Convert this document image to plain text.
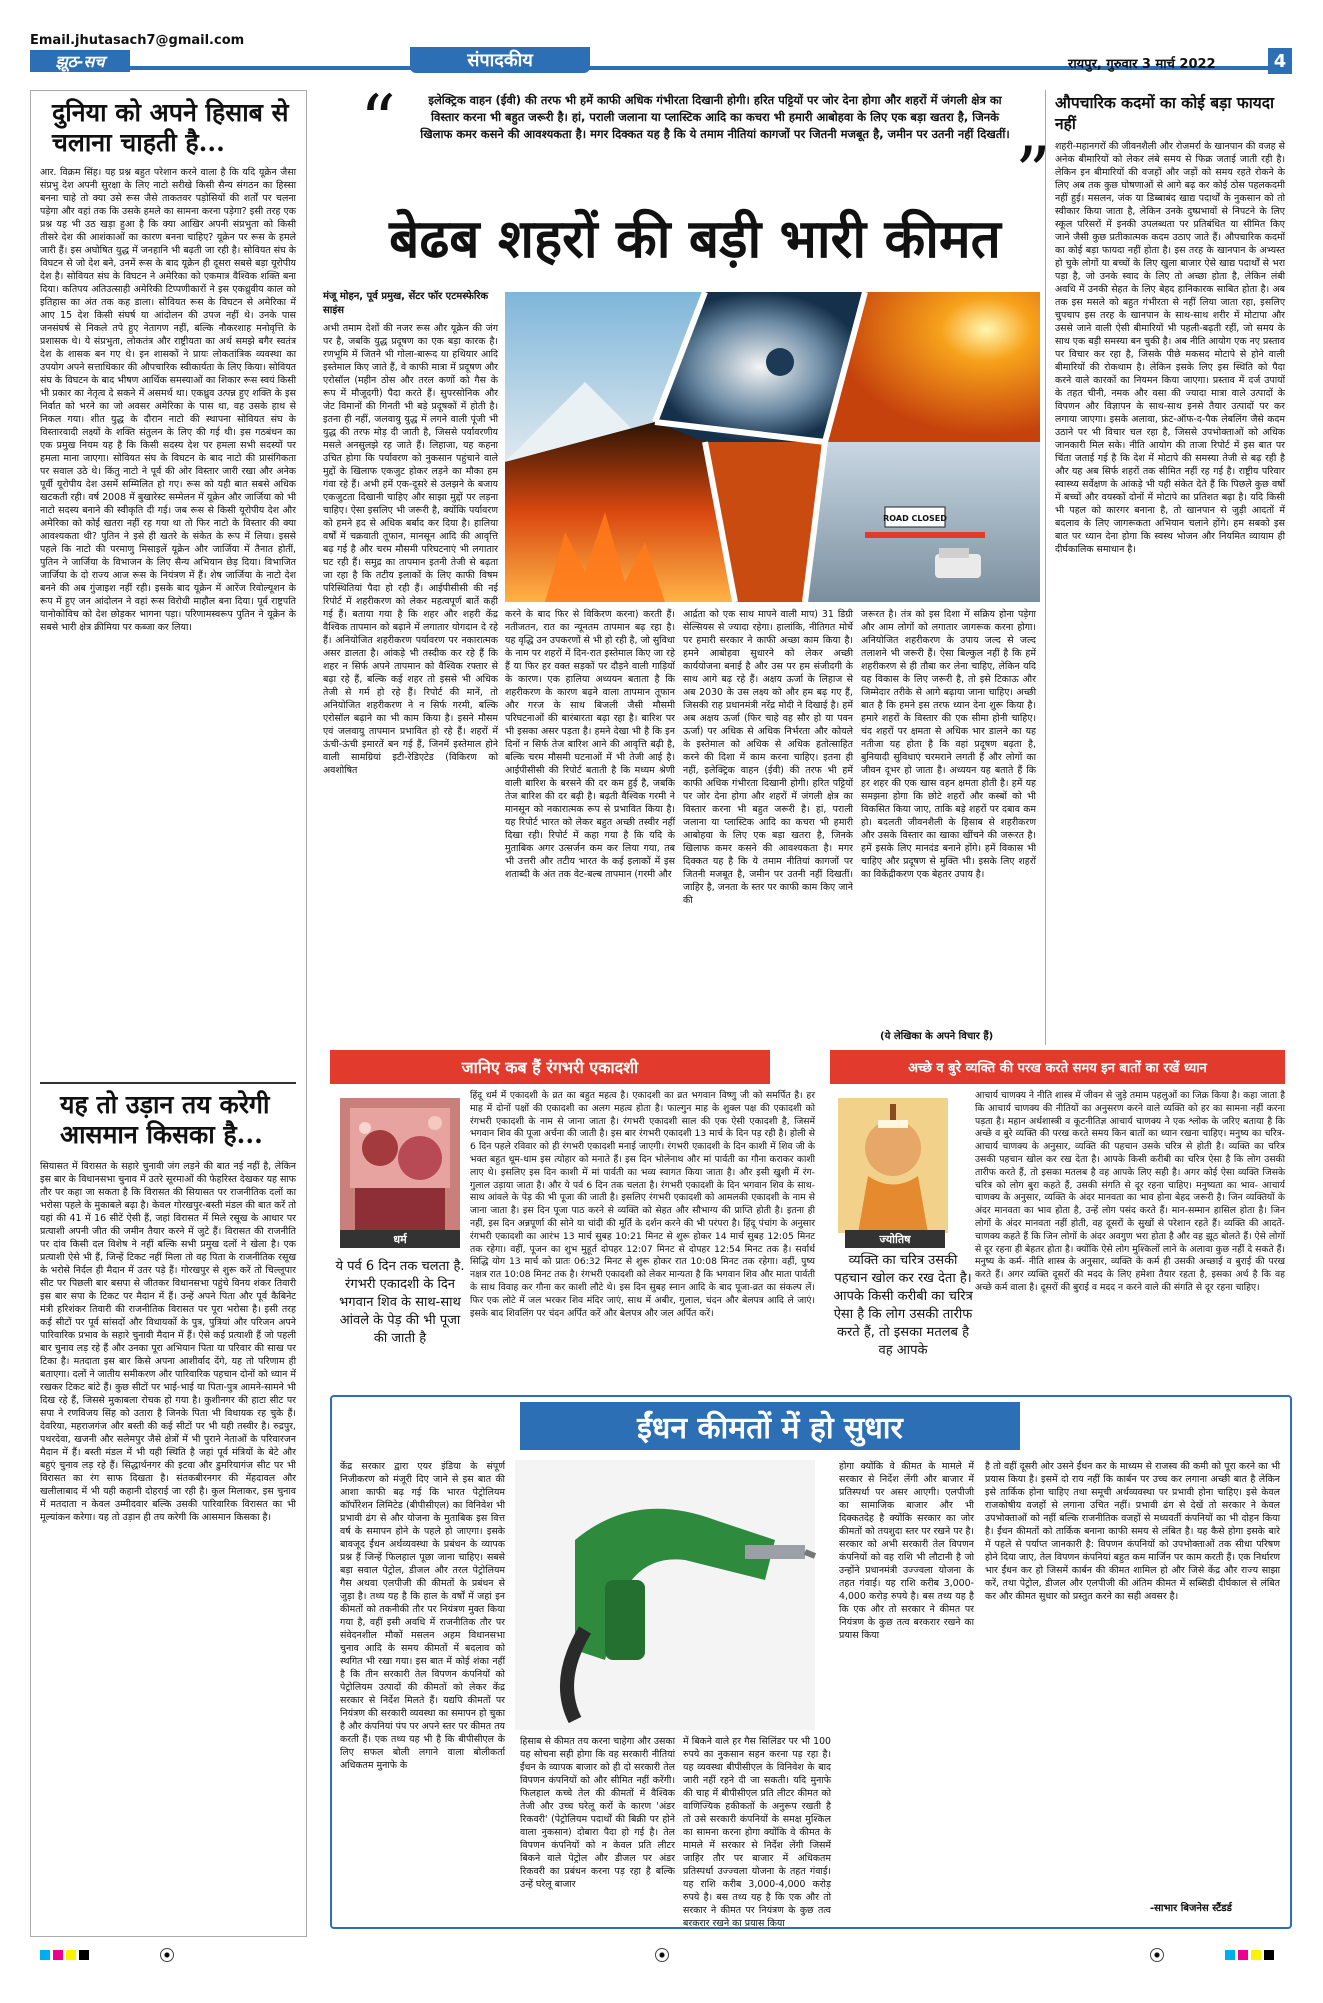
Email.jhutasach7@gmail.com
झूठ-सच	संपादकीय	रायपुर, गुरुवार 3 मार्च 2022	4
दुनिया को अपने हिसाब से चलाना चाहती है...
आर. विक्रम सिंह। यह प्रश्न बहुत परेशान करने वाला है कि यदि यूक्रेन जैसा संप्रभु देश अपनी सुरक्षा के लिए नाटो सरीखे किसी सैन्य संगठन का हिस्सा बनना चाहे तो क्या उसे रूस जैसे ताकतवर पड़ोसियों की शर्तों पर चलना पड़ेगा और वहां तक कि उसके हमले का सामना करना पड़ेगा? इसी तरह एक प्रश्न यह भी उठ खड़ा हुआ है कि क्या आखिर अपनी संप्रभुता को किसी तीसरे देश की आशंकाओं का कारण बनना चाहिए? यूक्रेन पर रूस के हमले जारी हैं। इस अघोषित युद्ध में जनहानि भी बढ़ती जा रही है। सोवियत संघ के विघटन से जो देश बने, उनमें रूस के बाद यूक्रेन ही दूसरा सबसे बड़ा यूरोपीय देश है। सोवियत संघ के विघटन ने अमेरिका को एकमात्र वैश्विक शक्ति बना दिया। कतिपय अतिउत्साही अमेरिकी टिप्पणीकारों ने इस एकध्रुवीय काल को इतिहास का अंत तक कह डाला। सोवियत रूस के विघटन से अमेरिका में आए 15 देश किसी संघर्ष या आंदोलन की उपज नहीं थे। उनके पास जनसंघर्ष से निकले तपे हुए नेतागण नहीं, बल्कि नौकरशाह मनोवृत्ति के प्रशासक थे। ये संप्रभुता, लोकतंत्र और राष्ट्रीयता का अर्थ समझे बगैर स्वतंत्र देश के शासक बन गए थे। इन शासकों ने प्रायः लोकतांत्रिक व्यवस्था का उपयोग अपने सत्ताधिकार की औपचारिक स्वीकार्यता के लिए किया। सोवियत संघ के विघटन के बाद भीषण आर्थिक समस्याओं का शिकार रूस स्वयं किसी भी प्रकार का नेतृत्व दे सकने में असमर्थ था। एकध्रुव उत्पन्न हुए शक्ति के इस निर्वात को भरने का जो अवसर अमेरिका के पास था, वह उसके हाथ से निकल गया। शीत युद्ध के दौरान नाटो की स्थापना सोवियत संघ के विस्तारवादी लक्ष्यों के शक्ति संतुलन के लिए की गई थी। इस गठबंधन का एक प्रमुख नियम यह है कि किसी सदस्य देश पर हमला सभी सदस्यों पर हमला माना जाएगा। सोवियत संघ के विघटन के बाद नाटो की प्रासंगिकता पर सवाल उठे थे। किंतु नाटो ने पूर्व की ओर विस्तार जारी रखा और अनेक पूर्वी यूरोपीय देश उसमें सम्मिलित हो गए। रूस को यही बात सबसे अधिक खटकती रही। वर्ष 2008 में बुखारेस्ट सम्मेलन में यूक्रेन और जार्जिया को भी नाटो सदस्य बनाने की स्वीकृति दी गई। जब रूस से किसी यूरोपीय देश और अमेरिका को कोई खतरा नहीं रह गया था तो फिर नाटो के विस्तार की क्या आवश्यकता थी? पुतिन ने इसे ही खतरे के संकेत के रूप में लिया। इससे पहले कि नाटो की परमाणु मिसाइलें यूक्रेन और जार्जिया में तैनात होतीं, पुतिन ने जार्जिया के विभाजन के लिए सैन्य अभियान छेड़ दिया। विभाजित जार्जिया के दो राज्य आज रूस के नियंत्रण में हैं। शेष जार्जिया के नाटो देश बनने की अब गुंजाइश नहीं रही। इसके बाद यूक्रेन में आरेंज रिवोल्यूशन के रूप में हुए जन आंदोलन ने वहां रूस विरोधी माहौल बना दिया। पूर्व राष्ट्रपति यानोकोविच को देश छोड़कर भागना पड़ा। परिणामस्वरूप पुतिन ने यूक्रेन के सबसे भारी क्षेत्र क्रीमिया पर कब्जा कर लिया।
यह तो उड़ान तय करेगी आसमान किसका है...
सियासत में विरासत के सहारे चुनावी जंग लड़ने की बात नई नहीं है, लेकिन इस बार के विधानसभा चुनाव में उतरे सूरमाओं की फेहरिस्त देखकर यह साफ तौर पर कहा जा सकता है कि विरासत की सियासत पर राजनीतिक दलों का भरोसा पहले के मुकाबले बढ़ा है। केवल गोरखपुर-बस्ती मंडल की बात करें तो यहां की 41 में 16 सीटें ऐसी हैं, जहां विरासत में मिले रसूख के आधार पर प्रत्याशी अपनी जीत की जमीन तैयार करने में जुटे हैं। विरासत की राजनीति पर दांव किसी दल विशेष ने नहीं बल्कि सभी प्रमुख दलों ने खेला है। एक प्रत्याशी ऐसे भी हैं, जिन्हें टिकट नहीं मिला तो वह पिता के राजनीतिक रसूख के भरोसे निर्दल ही मैदान में उतर पड़े हैं। गोरखपुर से शुरू करें तो चिल्लूपार सीट पर पिछली बार बसपा से जीतकर विधानसभा पहुंचे विनय शंकर तिवारी इस बार सपा के टिकट पर मैदान में हैं। उन्हें अपने पिता और पूर्व कैबिनेट मंत्री हरिशंकर तिवारी की राजनीतिक विरासत पर पूरा भरोसा है। इसी तरह कई सीटों पर पूर्व सांसदों और विधायकों के पुत्र, पुत्रियां और परिजन अपने पारिवारिक प्रभाव के सहारे चुनावी मैदान में हैं। ऐसे कई प्रत्याशी हैं जो पहली बार चुनाव लड़ रहे हैं और उनका पूरा अभियान पिता या परिवार की साख पर टिका है। मतदाता इस बार किसे अपना आशीर्वाद देंगे, यह तो परिणाम ही बताएगा। दलों ने जातीय समीकरण और पारिवारिक पहचान दोनों को ध्यान में रखकर टिकट बांटे हैं। कुछ सीटों पर भाई-भाई या पिता-पुत्र आमने-सामने भी दिख रहे हैं, जिससे मुकाबला रोचक हो गया है। कुशीनगर की हाटा सीट पर सपा ने रणविजय सिंह को उतारा है जिनके पिता भी विधायक रह चुके हैं। देवरिया, महराजगंज और बस्ती की कई सीटों पर भी यही तस्वीर है। रुद्रपुर, पथरदेवा, खजनी और सलेमपुर जैसे क्षेत्रों में भी पुराने नेताओं के परिवारजन मैदान में हैं। बस्ती मंडल में भी यही स्थिति है जहां पूर्व मंत्रियों के बेटे और बहुएं चुनाव लड़ रहे हैं। सिद्धार्थनगर की इटवा और डुमरियागंज सीट पर भी विरासत का रंग साफ दिखता है। संतकबीरनगर की मेंहदावल और खलीलाबाद में भी यही कहानी दोहराई जा रही है। कुल मिलाकर, इस चुनाव में मतदाता न केवल उम्मीदवार बल्कि उसकी पारिवारिक विरासत का भी मूल्यांकन करेगा। यह तो उड़ान ही तय करेगी कि आसमान किसका है।
“	इलेक्ट्रिक वाहन (ईवी) की तरफ भी हमें काफी अधिक गंभीरता दिखानी होगी। हरित पट्टियों पर जोर देना होगा और शहरों में जंगली क्षेत्र का विस्तार करना भी बहुत जरूरी है। हां, पराली जलाना या प्लास्टिक आदि का कचरा भी हमारी आबोहवा के लिए एक बड़ा खतरा है, जिनके खिलाफ कमर कसने की आवश्यकता है। मगर दिक्कत यह है कि ये तमाम नीतियां कागजों पर जितनी मजबूत है, जमीन पर उतनी नहीं दिखतीं। ”
बेढब शहरों की बड़ी भारी कीमत
मंजू मोहन, पूर्व प्रमुख, सेंटर फॉर एटमस्फेरिक साइंस
अभी तमाम देशों की नजर रूस और यूक्रेन की जंग पर है, जबकि युद्ध प्रदूषण का एक बड़ा कारक है। रणभूमि में जितने भी गोला-बारूद या हथियार आदि इस्तेमाल किए जाते हैं, वे काफी मात्रा में प्रदूषण और एरोसॉल (महीन ठोस और तरल कणों को गैस के रूप में मौजूदगी) पैदा करते हैं। सुपरसोनिक और जेट विमानों की गिनती भी बड़े प्रदूषकों में होती है। इतना ही नहीं, जलवायु युद्ध में लगने वाली पूंजी भी युद्ध की तरफ मोड़ दी जाती है, जिससे पर्यावरणीय मसले अनसुलझे रह जाते हैं। लिहाजा, यह कहना उचित होगा कि पर्यावरण को नुकसान पहुंचाने वाले मुद्दों के खिलाफ एकजुट होकर लड़ने का मौका हम गंवा रहे हैं। अभी हमें एक-दूसरे से उलझने के बजाय एकजुटता दिखानी चाहिए और साझा मुद्दों पर लड़ना चाहिए। ऐसा इसलिए भी जरूरी है, क्योंकि पर्यावरण को हमने हद से अधिक बर्बाद कर दिया है। हालिया वर्षों में चक्रवाती तूफान, मानसून आदि की आवृत्ति बढ़ गई है और चरम मौसमी परिघटनाएं भी लगातार घट रही हैं। समुद्र का तापमान इतनी तेजी से बढ़ता जा रहा है कि तटीय इलाकों के लिए काफी विषम परिस्थितियां पैदा हो रही हैं। आईपीसीसी की नई रिपोर्ट में शहरीकरण को लेकर महत्वपूर्ण बातें कही गई हैं। बताया गया है कि शहर और शहरी केंद्र वैश्विक तापमान को बढ़ाने में लगातार योगदान दे रहे हैं। अनियोजित शहरीकरण पर्यावरण पर नकारात्मक असर डालता है। आंकड़े भी तस्दीक कर रहे हैं कि शहर न सिर्फ अपने तापमान को वैश्विक रफ्तार से बढ़ा रहे हैं, बल्कि कई शहर तो इससे भी अधिक तेजी से गर्म हो रहे हैं। रिपोर्ट की मानें, तो अनियोजित शहरीकरण ने न सिर्फ गरमी, बल्कि एरोसॉल बढ़ाने का भी काम किया है। इसने मौसम एवं जलवायु तापमान प्रभावित हो रहे हैं। शहरों में ऊंची-ऊंची इमारतें बन गई हैं, जिनमें इस्तेमाल होने वाली सामग्रियां इटी-रेडिएटेड (विकिरण को अवशोषित
ROAD CLOSED
करने के बाद फिर से विकिरण करना) करती हैं। नतीजतन, रात का न्यूनतम तापमान बढ़ रहा है। यह वृद्धि उन उपकरणों से भी हो रही है, जो सुविधा के नाम पर शहरों में दिन-रात इस्तेमाल किए जा रहे हैं या फिर हर वक्त सड़कों पर दौड़ने वाली गाड़ियों के कारण। एक हालिया अध्ययन बताता है कि शहरीकरण के कारण बढ़ने वाला तापमान तूफान और गरज के साथ बिजली जैसी मौसमी परिघटनाओं की बारंबारता बढ़ा रहा है। बारिश पर भी इसका असर पड़ता है। हमने देखा भी है कि इन दिनों न सिर्फ तेज बारिश आने की आवृत्ति बढ़ी है, बल्कि चरम मौसमी घटनाओं में भी तेजी आई है। आईपीसीसी की रिपोर्ट बताती है कि मध्यम श्रेणी वाली बारिश के बरसने की दर कम हुई है, जबकि तेज बारिश की दर बढ़ी है। बढ़ती वैश्विक गरमी ने मानसून को नकारात्मक रूप से प्रभावित किया है। यह रिपोर्ट भारत को लेकर बहुत अच्छी तस्वीर नहीं दिखा रही। रिपोर्ट में कहा गया है कि यदि के मुताबिक अगर उत्सर्जन कम कर लिया गया, तब भी उत्तरी और तटीय भारत के कई इलाकों में इस शताब्दी के अंत तक वेट-बल्ब तापमान (गरमी और
आर्द्रता को एक साथ मापने वाली माप) 31 डिग्री सेल्सियस से ज्यादा रहेगा। हालांकि, नीतिगत मोर्चे पर हमारी सरकार ने काफी अच्छा काम किया है। हमने आबोहवा सुधारने को लेकर अच्छी कार्ययोजना बनाई है और उस पर हम संजीदगी के साथ आगे बढ़ रहे हैं। अक्षय ऊर्जा के लिहाज से अब 2030 के उस लक्ष्य को और हम बढ़ गए हैं, जिसकी राह प्रधानमंत्री नरेंद्र मोदी ने दिखाई है। हमें अब अक्षय ऊर्जा (फिर चाहे वह सौर हो या पवन ऊर्जा) पर अधिक से अधिक निर्भरता और कोयले के इस्तेमाल को अधिक से अधिक हतोत्साहित करने की दिशा में काम करना चाहिए। इतना ही नहीं, इलेक्ट्रिक वाहन (ईवी) की तरफ भी हमें काफी अधिक गंभीरता दिखानी होगी। हरित पट्टियों पर जोर देना होगा और शहरों में जंगली क्षेत्र का विस्तार करना भी बहुत जरूरी है। हां, पराली जलाना या प्लास्टिक आदि का कचरा भी हमारी आबोहवा के लिए एक बड़ा खतरा है, जिनके खिलाफ कमर कसने की आवश्यकता है। मगर दिक्कत यह है कि ये तमाम नीतियां कागजों पर जितनी मजबूत है, जमीन पर उतनी नहीं दिखतीं। जाहिर है, जनता के स्तर पर काफी काम किए जाने की
जरूरत है। तंत्र को इस दिशा में सक्रिय होना पड़ेगा और आम लोगों को लगातार जागरूक करना होगा। अनियोजित शहरीकरण के उपाय जल्द से जल्द तलाशने भी जरूरी हैं। ऐसा बिल्कुल नहीं है कि हमें शहरीकरण से ही तौबा कर लेना चाहिए, लेकिन यदि यह विकास के लिए जरूरी है, तो इसे टिकाऊ और जिम्मेदार तरीके से आगे बढ़ाया जाना चाहिए। अच्छी बात है कि हमने इस तरफ ध्यान देना शुरू किया है। हमारे शहरों के विस्तार की एक सीमा होनी चाहिए। चंद शहरों पर क्षमता से अधिक भार डालने का यह नतीजा यह होता है कि वहां प्रदूषण बढ़ता है, बुनियादी सुविधाएं चरमराने लगती हैं और लोगों का जीवन दूभर हो जाता है। अध्ययन यह बताते हैं कि हर शहर की एक खास वहन क्षमता होती है। हमें यह समझना होगा कि छोटे शहरों और कस्बों को भी विकसित किया जाए, ताकि बड़े शहरों पर दबाव कम हो। बदलती जीवनशैली के हिसाब से शहरीकरण और उसके विस्तार का खाका खींचने की जरूरत है। हमें इसके लिए मानदंड बनाने होंगे। हमें विकास भी चाहिए और प्रदूषण से मुक्ति भी। इसके लिए शहरों का विकेंद्रीकरण एक बेहतर उपाय है।
(ये लेखिका के अपने विचार हैं)
औपचारिक कदमों का कोई बड़ा फायदा नहीं
शहरी-महानगरों की जीवनशैली और रोजमर्रा के खानपान की वजह से अनेक बीमारियों को लेकर लंबे समय से फिक्र जताई जाती रही है। लेकिन इन बीमारियों की वजहों और जड़ों को समय रहते रोकने के लिए अब तक कुछ घोषणाओं से आगे बढ़ कर कोई ठोस पहलकदमी नहीं हुई। मसलन, जंक या डिब्बाबंद खाद्य पदार्थों के नुकसान को तो स्वीकार किया जाता है, लेकिन उनके दुष्प्रभावों से निपटने के लिए स्कूल परिसरों में इनकी उपलब्धता पर प्रतिबंधित या सीमित किए जाने जैसी कुछ प्रतीकात्मक कदम उठाए जाते हैं। औपचारिक कदमों का कोई बड़ा फायदा नहीं होता है। इस तरह के खानपान के अभ्यस्त हो चुके लोगों या बच्चों के लिए खुला बाजार ऐसे खाद्य पदार्थों से भरा पड़ा है, जो उनके स्वाद के लिए तो अच्छा होता है, लेकिन लंबी अवधि में उनकी सेहत के लिए बेहद हानिकारक साबित होता है। अब तक इस मसले को बहुत गंभीरता से नहीं लिया जाता रहा, इसलिए चुपचाप इस तरह के खानपान के साथ-साथ शरीर में मोटापा और उससे जाने वाली ऐसी बीमारियों भी पहली-बढ़ती रहीं, जो समय के साथ एक बड़ी समस्या बन चुकी है। अब नीति आयोग एक नए प्रस्ताव पर विचार कर रहा है, जिसके पीछे मकसद मोटापे से होने वाली बीमारियों की रोकथाम है। लेकिन इसके लिए इस स्थिति को पैदा करने वाले कारकों का नियमन किया जाएगा। प्रस्ताव में दर्ज उपायों के तहत चीनी, नमक और वसा की ज्यादा मात्रा वाले उत्पादों के विपणन और विज्ञापन के साथ-साथ इनसे तैयार उत्पादों पर कर लगाया जाएगा। इसके अलावा, फ्रंट-ऑफ-द-पैक लेबलिंग जैसे कदम उठाने पर भी विचार चल रहा है, जिससे उपभोक्ताओं को अधिक जानकारी मिल सके। नीति आयोग की ताजा रिपोर्ट में इस बात पर चिंता जताई गई है कि देश में मोटापे की समस्या तेजी से बढ़ रही है और यह अब सिर्फ शहरों तक सीमित नहीं रह गई है। राष्ट्रीय परिवार स्वास्थ्य सर्वेक्षण के आंकड़े भी यही संकेत देते हैं कि पिछले कुछ वर्षों में बच्चों और वयस्कों दोनों में मोटापे का प्रतिशत बढ़ा है। यदि किसी भी पहल को कारगर बनाना है, तो खानपान से जुड़ी आदतों में बदलाव के लिए जागरूकता अभियान चलाने होंगे। हम सबको इस बात पर ध्यान देना होगा कि स्वस्थ भोजन और नियमित व्यायाम ही दीर्घकालिक समाधान है।
जानिए कब हैं रंगभरी एकादशी
धर्म
ये पर्व 6 दिन तक चलता है. रंगभरी एकादशी के दिन भगवान शिव के साथ-साथ आंवले के पेड़ की भी पूजा की जाती है
हिंदू धर्म में एकादशी के व्रत का बहुत महत्व है। एकादशी का व्रत भगवान विष्णु जी को समर्पित है। हर माह में दोनों पक्षों की एकादशी का अलग महत्व होता है। फाल्गुन माह के शुक्ल पक्ष की एकादशी को रंगभरी एकादशी के नाम से जाना जाता है। रंगभरी एकादशी साल की एक ऐसी एकादशी है, जिसमें भगवान शिव की पूजा अर्चना की जाती है। इस बार रंगभरी एकादशी 13 मार्च के दिन पड़ रही है। होली से 6 दिन पहले रविवार को ही रंगभरी एकादशी मनाई जाएगी। रंगभरी एकादशी के दिन काशी में शिव जी के भक्त बहुत धूम-धाम इस त्योहार को मनाते हैं। इस दिन भोलेनाथ और मां पार्वती का गौना कराकर काशी लाए थे। इसलिए इस दिन काशी में मां पार्वती का भव्य स्वागत किया जाता है। और इसी खुशी में रंग-गुलाल उड़ाया जाता है। और ये पर्व 6 दिन तक चलता है। रंगभरी एकादशी के दिन भगवान शिव के साथ-साथ आंवले के पेड़ की भी पूजा की जाती है। इसलिए रंगभरी एकादशी को आमलकी एकादशी के नाम से जाना जाता है। इस दिन पूजा पाठ करने से व्यक्ति को सेहत और सौभाग्य की प्राप्ति होती है। इतना ही नहीं, इस दिन अन्नपूर्णा की सोने या चांदी की मूर्ति के दर्शन करने की भी परंपरा है। हिंदू पंचांग के अनुसार रंगभरी एकादशी का आरंभ 13 मार्च सुबह 10:21 मिनट से शुरू होकर 14 मार्च सुबह 12:05 मिनट तक रहेगा। वहीं, पूजन का शुभ मुहूर्त दोपहर 12:07 मिनट से दोपहर 12:54 मिनट तक है। सर्वार्थ सिद्धि योग 13 मार्च को प्रातः 06:32 मिनट से शुरू होकर रात 10:08 मिनट तक रहेगा। वहीं, पुष्य नक्षत्र रात 10:08 मिनट तक है। रंगभरी एकादशी को लेकर मान्यता है कि भगवान शिव और माता पार्वती के साथ विवाह कर गौना कर काशी लौटे थे। इस दिन सुबह स्नान आदि के बाद पूजा-व्रत का संकल्प लें। फिर एक लोटे में जल भरकर शिव मंदिर जाएं, साथ में अबीर, गुलाल, चंदन और बेलपत्र आदि ले जाएं। इसके बाद शिवलिंग पर चंदन अर्पित करें और बेलपत्र और जल अर्पित करें।
अच्छे व बुरे व्यक्ति की परख करते समय इन बातों का रखें ध्यान
ज्योतिष
व्यक्ति का चरित्र उसकी पहचान खोल कर रख देता है। आपके किसी करीबी का चरित्र ऐसा है कि लोग उसकी तारीफ करते हैं, तो इसका मतलब है वह आपके
आचार्य चाणक्य ने नीति शास्त्र में जीवन से जुड़े तमाम पहलुओं का जिक्र किया है। कहा जाता है कि आचार्य चाणक्य की नीतियों का अनुसरण करने वाले व्यक्ति को हर का सामना नहीं करना पड़ता है। महान अर्थशास्त्री व कूटनीतिज्ञ आचार्य चाणक्य ने एक श्लोक के जरिए बताया है कि अच्छे व बुरे व्यक्ति की परख करते समय किन बातों का ध्यान रखना चाहिए। मनुष्य का चरित्र- आचार्य चाणक्य के अनुसार, व्यक्ति की पहचान उसके चरित्र से होती है। व्यक्ति का चरित्र उसकी पहचान खोल कर रख देता है। आपके किसी करीबी का चरित्र ऐसा है कि लोग उसकी तारीफ करते हैं, तो इसका मतलब है वह आपके लिए सही है। अगर कोई ऐसा व्यक्ति जिसके चरित्र को लोग बुरा कहते हैं, उसकी संगति से दूर रहना चाहिए। मनुष्यता का भाव- आचार्य चाणक्य के अनुसार, व्यक्ति के अंदर मानवता का भाव होना बेहद जरूरी है। जिन व्यक्तियों के अंदर मानवता का भाव होता है, उन्हें लोग पसंद करते हैं। मान-सम्मान हासिल होता है। जिन लोगों के अंदर मानवता नहीं होती, वह दूसरों के सुखों से परेशान रहते हैं। व्यक्ति की आदतें- चाणक्य कहते हैं कि जिन लोगों के अंदर अवगुण भरा होता है और वह झूठ बोलते हैं। ऐसे लोगों से दूर रहना ही बेहतर होता है। क्योंकि ऐसे लोग मुश्किलों लाने के अलावा कुछ नहीं दे सकते हैं। मनुष्य के कर्म- नीति शास्त्र के अनुसार, व्यक्ति के कर्म ही उसकी अच्छाई व बुराई की परख करते हैं। अगर व्यक्ति दूसरों की मदद के लिए हमेशा तैयार रहता है, इसका अर्थ है कि वह अच्छे कर्म वाला है। दूसरों की बुराई व मदद न करने वाले की संगति से दूर रहना चाहिए।
ईंधन कीमतों में हो सुधार
केंद्र सरकार द्वारा एयर इंडिया के संपूर्ण निजीकरण को मंजूरी दिए जाने से इस बात की आशा काफी बढ़ गई कि भारत पेट्रोलियम कॉर्पोरेशन लिमिटेड (बीपीसीएल) का विनिवेश भी प्रभावी ढंग से और योजना के मुताबिक इस वित्त वर्ष के समापन होने के पहले हो जाएगा। इसके बावजूद ईंधन अर्थव्यवस्था के प्रबंधन के व्यापक प्रश्न हैं जिन्हें फिलहाल पूछा जाना चाहिए। सबसे बड़ा सवाल पेट्रोल, डीजल और तरल पेट्रोलियम गैस अथवा एलपीजी की कीमतों के प्रबंधन से जुड़ा है। तथ्य यह है कि हाल के वर्षों में जहां इन कीमतों को तकनीकी तौर पर नियंत्रण मुक्त किया गया है, वहीं इसी अवधि में राजनीतिक तौर पर संवेदनशील मौकों मसलन अहम विधानसभा चुनाव आदि के समय कीमतों में बदलाव को स्थगित भी रखा गया। इस बात में कोई शंका नहीं है कि तीन सरकारी तेल विपणन कंपनियों को पेट्रोलियम उत्पादों की कीमतों को लेकर केंद्र सरकार से निर्देश मिलते हैं। यद्यपि कीमतों पर नियंत्रण की सरकारी व्यवस्था का समापन हो चुका है और कंपनियां पंप पर अपने स्तर पर कीमत तय करती हैं। एक तथ्य यह भी है कि बीपीसीएल के लिए सफल बोली लगाने वाला बोलीकर्ता अधिकतम मुनाफे के
हिसाब से कीमत तय करना चाहेगा और उसका यह सोचना सही होगा कि वह सरकारी नीतियां ईंधन के व्यापक बाजार को ही दो सरकारी तेल विपणन कंपनियों को और सीमित नहीं करेंगी। फिलहाल कच्चे तेल की कीमतों में वैश्विक तेजी और उच्च घरेलू करों के कारण 'अंडर रिकवरी' (पेट्रोलियम पदार्थों की बिक्री पर होने वाला नुकसान) दोबारा पैदा हो गई है। तेल विपणन कंपनियों को न केवल प्रति लीटर बिकने वाले पेट्रोल और डीजल पर अंडर रिकवरी का प्रबंधन करना पड़ रहा है बल्कि उन्हें घरेलू बाजार
में बिकने वाले हर गैस सिलिंडर पर भी 100 रुपये का नुकसान सहन करना पड़ रहा है। यह व्यवस्था बीपीसीएल के विनिवेश के बाद जारी नहीं रहने दी जा सकती। यदि मुनाफे की चाह में बीपीसीएल प्रति लीटर कीमत को वाणिज्यिक हकीकतों के अनुरूप रखती है तो उसे सरकारी कंपनियों के समक्ष मुश्किल का सामना करना होगा क्योंकि वे कीमत के मामले में सरकार से निर्देश लेंगी जिसमें जाहिर तौर पर बाजार में अधिकतम प्रतिस्पर्धा उज्ज्वला योजना के तहत गंवाई। यह राशि करीब 3,000-4,000 करोड़ रुपये है। बस तथ्य यह है कि एक और तो सरकार ने कीमत पर नियंत्रण के कुछ तत्व बरकरार रखने का प्रयास किया
होगा क्योंकि वे कीमत के मामले में सरकार से निर्देश लेंगी और बाजार में प्रतिस्पर्धा पर असर आएगी। एलपीजी का सामाजिक बाजार और भी दिक्कतदेह है क्योंकि सरकार का जोर कीमतों को तयशुदा स्तर पर रखने पर है। सरकार को अभी सरकारी तेल विपणन कंपनियों को वह राशि भी लौटानी है जो उन्होंने प्रधानमंत्री उज्ज्वला योजना के तहत गंवाई। यह राशि करीब 3,000-4,000 करोड़ रुपये है। बस तथ्य यह है कि एक और तो सरकार ने कीमत पर नियंत्रण के कुछ तत्व बरकरार रखने का प्रयास किया
है तो वहीं दूसरी ओर उसने ईंधन कर के माध्यम से राजस्व की कमी को पूरा करने का भी प्रयास किया है। इसमें दो राय नहीं कि कार्बन पर उच्च कर लगाना अच्छी बात है लेकिन इसे तार्किक होना चाहिए तथा समूची अर्थव्यवस्था पर प्रभावी होना चाहिए। इसे केवल राजकोषीय वजहों से लगाना उचित नहीं। प्रभावी ढंग से देखें तो सरकार ने केवल उपभोक्ताओं को नहीं बल्कि राजनीतिक वजहों से मध्यवर्ती कंपनियों का भी दोहन किया है। ईंधन कीमतों को तार्किक बनाना काफी समय से लंबित है। यह कैसे होगा इसके बारे में पहले से पर्याप्त जानकारी है: विपणन कंपनियों को उपभोक्ताओं तक सीधा परिषण होने दिया जाए, तेल विपणन कंपनियां बहुत कम मार्जिन पर काम करती हैं। एक निर्धारण भार ईंधन कर हो जिसमें कार्बन की कीमत शामिल हो और जिसे केंद्र और राज्य साझा करें, तथा पेट्रोल, डीजल और एलपीजी की अंतिम कीमत में सब्सिडी दीर्घकाल से लंबित कर और कीमत सुधार को प्रस्तुत करने का सही अवसर है।
-साभार बिजनेस स्टैंडर्ड
